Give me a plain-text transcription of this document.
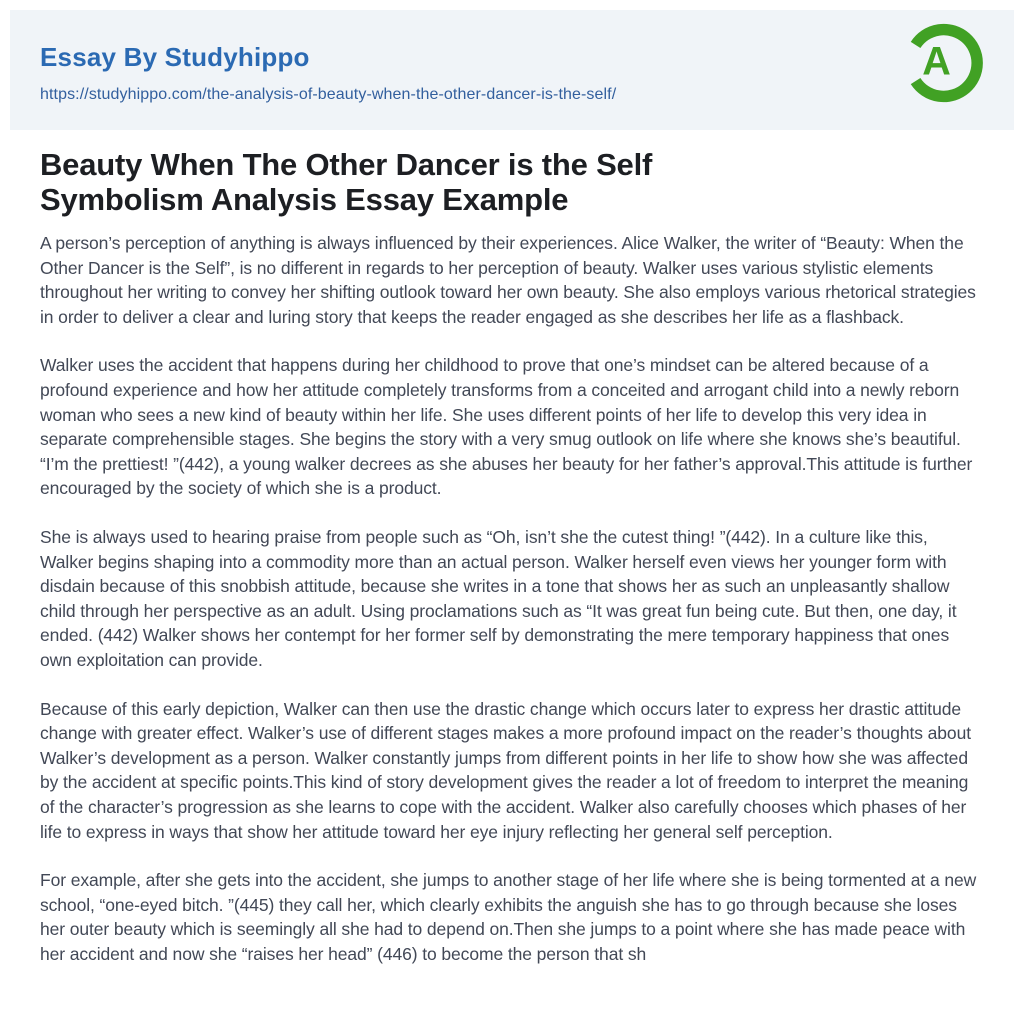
Essay By Studyhippo
https://studyhippo.com/the-analysis-of-beauty-when-the-other-dancer-is-the-self/
A
Beauty When The Other Dancer is the Self Symbolism Analysis Essay Example

A person’s perception of anything is always influenced by their experiences. Alice Walker, the writer of “Beauty: When the Other Dancer is the Self”, is no different in regards to her perception of beauty. Walker uses various stylistic elements throughout her writing to convey her shifting outlook toward her own beauty. She also employs various rhetorical strategies in order to deliver a clear and luring story that keeps the reader engaged as she describes her life as a flashback.

Walker uses the accident that happens during her childhood to prove that one’s mindset can be altered because of a profound experience and how her attitude completely transforms from a conceited and arrogant child into a newly reborn woman who sees a new kind of beauty within her life. She uses different points of her life to develop this very idea in separate comprehensible stages. She begins the story with a very smug outlook on life where she knows she’s beautiful. “I’m the prettiest! ”(442), a young walker decrees as she abuses her beauty for her father’s approval.This attitude is further encouraged by the society of which she is a product.

She is always used to hearing praise from people such as “Oh, isn’t she the cutest thing! ”(442). In a culture like this, Walker begins shaping into a commodity more than an actual person. Walker herself even views her younger form with disdain because of this snobbish attitude, because she writes in a tone that shows her as such an unpleasantly shallow child through her perspective as an adult. Using proclamations such as “It was great fun being cute. But then, one day, it ended. (442) Walker shows her contempt for her former self by demonstrating the mere temporary happiness that ones own exploitation can provide.

Because of this early depiction, Walker can then use the drastic change which occurs later to express her drastic attitude change with greater effect. Walker’s use of different stages makes a more profound impact on the reader’s thoughts about Walker’s development as a person. Walker constantly jumps from different points in her life to show how she was affected by the accident at specific points.This kind of story development gives the reader a lot of freedom to interpret the meaning of the character’s progression as she learns to cope with the accident. Walker also carefully chooses which phases of her life to express in ways that show her attitude toward her eye injury reflecting her general self perception.

For example, after she gets into the accident, she jumps to another stage of her life where she is being tormented at a new school, “one-eyed bitch. ”(445) they call her, which clearly exhibits the anguish she has to go through because she loses her outer beauty which is seemingly all she had to depend on.Then she jumps to a point where she has made peace with her accident and now she “raises her head” (446) to become the person that sh
